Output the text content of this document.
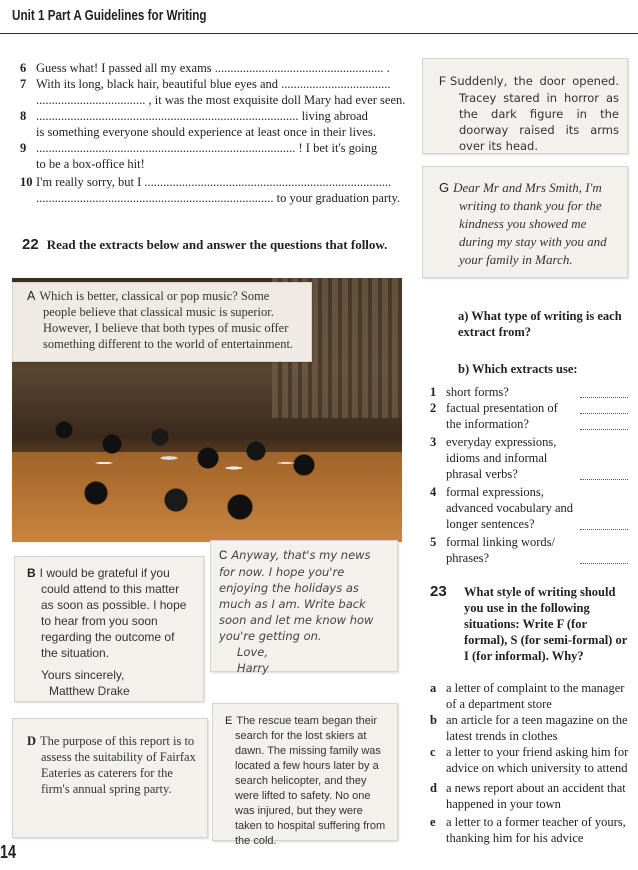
Unit 1 Part A Guidelines for Writing
6 Guess what! I passed all my exams ...................................................... .
7 With its long, black hair, beautiful blue eyes and ...................................
................................... , it was the most exquisite doll Mary had ever seen.
8 .................................................................................... living abroad
is something everyone should experience at least once in their lives.
9 ................................................................................... ! I bet it's going
to be a box-office hit!
10 I'm really sorry, but I ...............................................................................
............................................................................ to your graduation party.
22 Read the extracts below and answer the questions that follow.
A Which is better, classical or pop music? Some people believe that classical music is superior. However, I believe that both types of music offer something different to the world of entertainment.
B I would be grateful if you could attend to this matter as soon as possible. I hope to hear from you soon regarding the outcome of the situation.
Yours sincerely,
Matthew Drake
C Anyway, that's my news for now. I hope you're enjoying the holidays as much as I am. Write back soon and let me know how you're getting on.
Love,
Harry
D The purpose of this report is to assess the suitability of Fairfax Eateries as caterers for the firm's annual spring party.
E The rescue team began their search for the lost skiers at dawn. The missing family was located a few hours later by a search helicopter, and they were lifted to safety. No one was injured, but they were taken to hospital suffering from the cold.
F Suddenly, the door opened. Tracey stared in horror as the dark figure in the doorway raised its arms over its head.
G Dear Mr and Mrs Smith, I'm writing to thank you for the kindness you showed me during my stay with you and your family in March.
a) What type of writing is each extract from?
b) Which extracts use:
1 short forms?
2 factual presentation of the information?
3 everyday expressions, idioms and informal phrasal verbs?
4 formal expressions, advanced vocabulary and longer sentences?
5 formal linking words/ phrases?
23	What style of writing should you use in the following situations: Write F (for formal), S (for semi-formal) or I (for informal). Why?
a a letter of complaint to the manager of a department store
b an article for a teen magazine on the latest trends in clothes
c a letter to your friend asking him for advice on which university to attend
d a news report about an accident that happened in your town
e a letter to a former teacher of yours, thanking him for his advice
14
